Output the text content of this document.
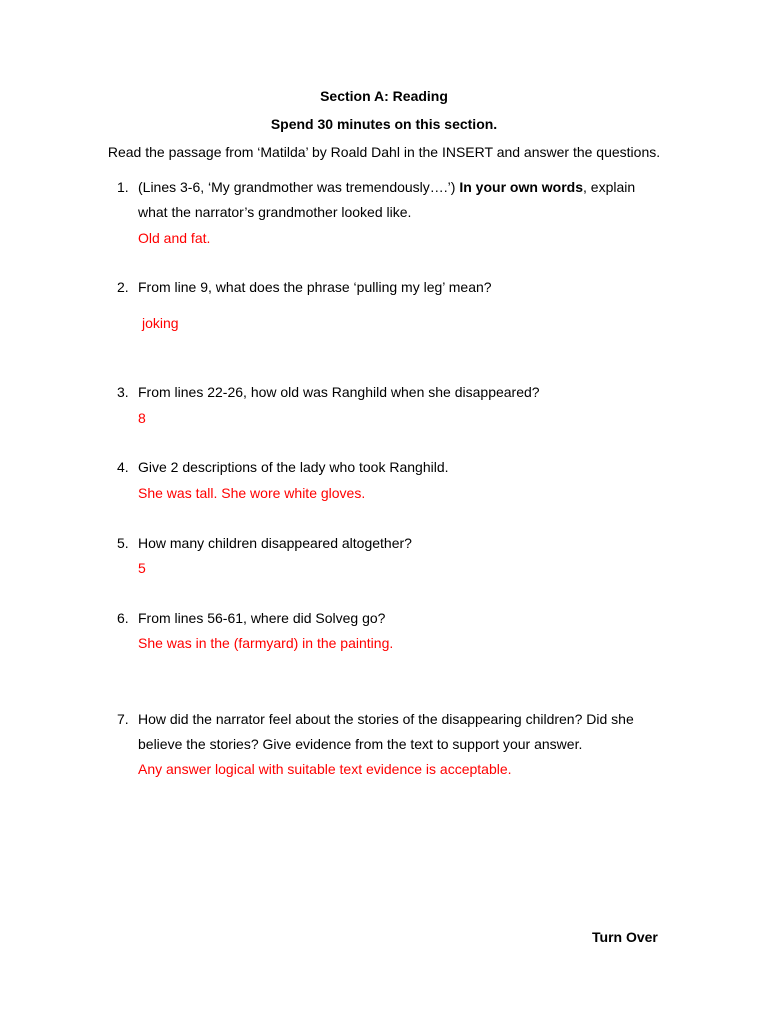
Section A: Reading
Spend 30 minutes on this section.
Read the passage from ‘Matilda’ by Roald Dahl in the INSERT and answer the questions.
1. (Lines 3-6, ‘My grandmother was tremendously….’) In your own words, explain
what the narrator’s grandmother looked like.
Old and fat.
2. From line 9, what does the phrase ‘pulling my leg’ mean?
joking
3. From lines 22-26, how old was Ranghild when she disappeared?
8
4. Give 2 descriptions of the lady who took Ranghild.
She was tall. She wore white gloves.
5. How many children disappeared altogether?
5
6. From lines 56-61, where did Solveg go?
She was in the (farmyard) in the painting.
7. How did the narrator feel about the stories of the disappearing children? Did she
believe the stories? Give evidence from the text to support your answer.
Any answer logical with suitable text evidence is acceptable.
Turn Over
